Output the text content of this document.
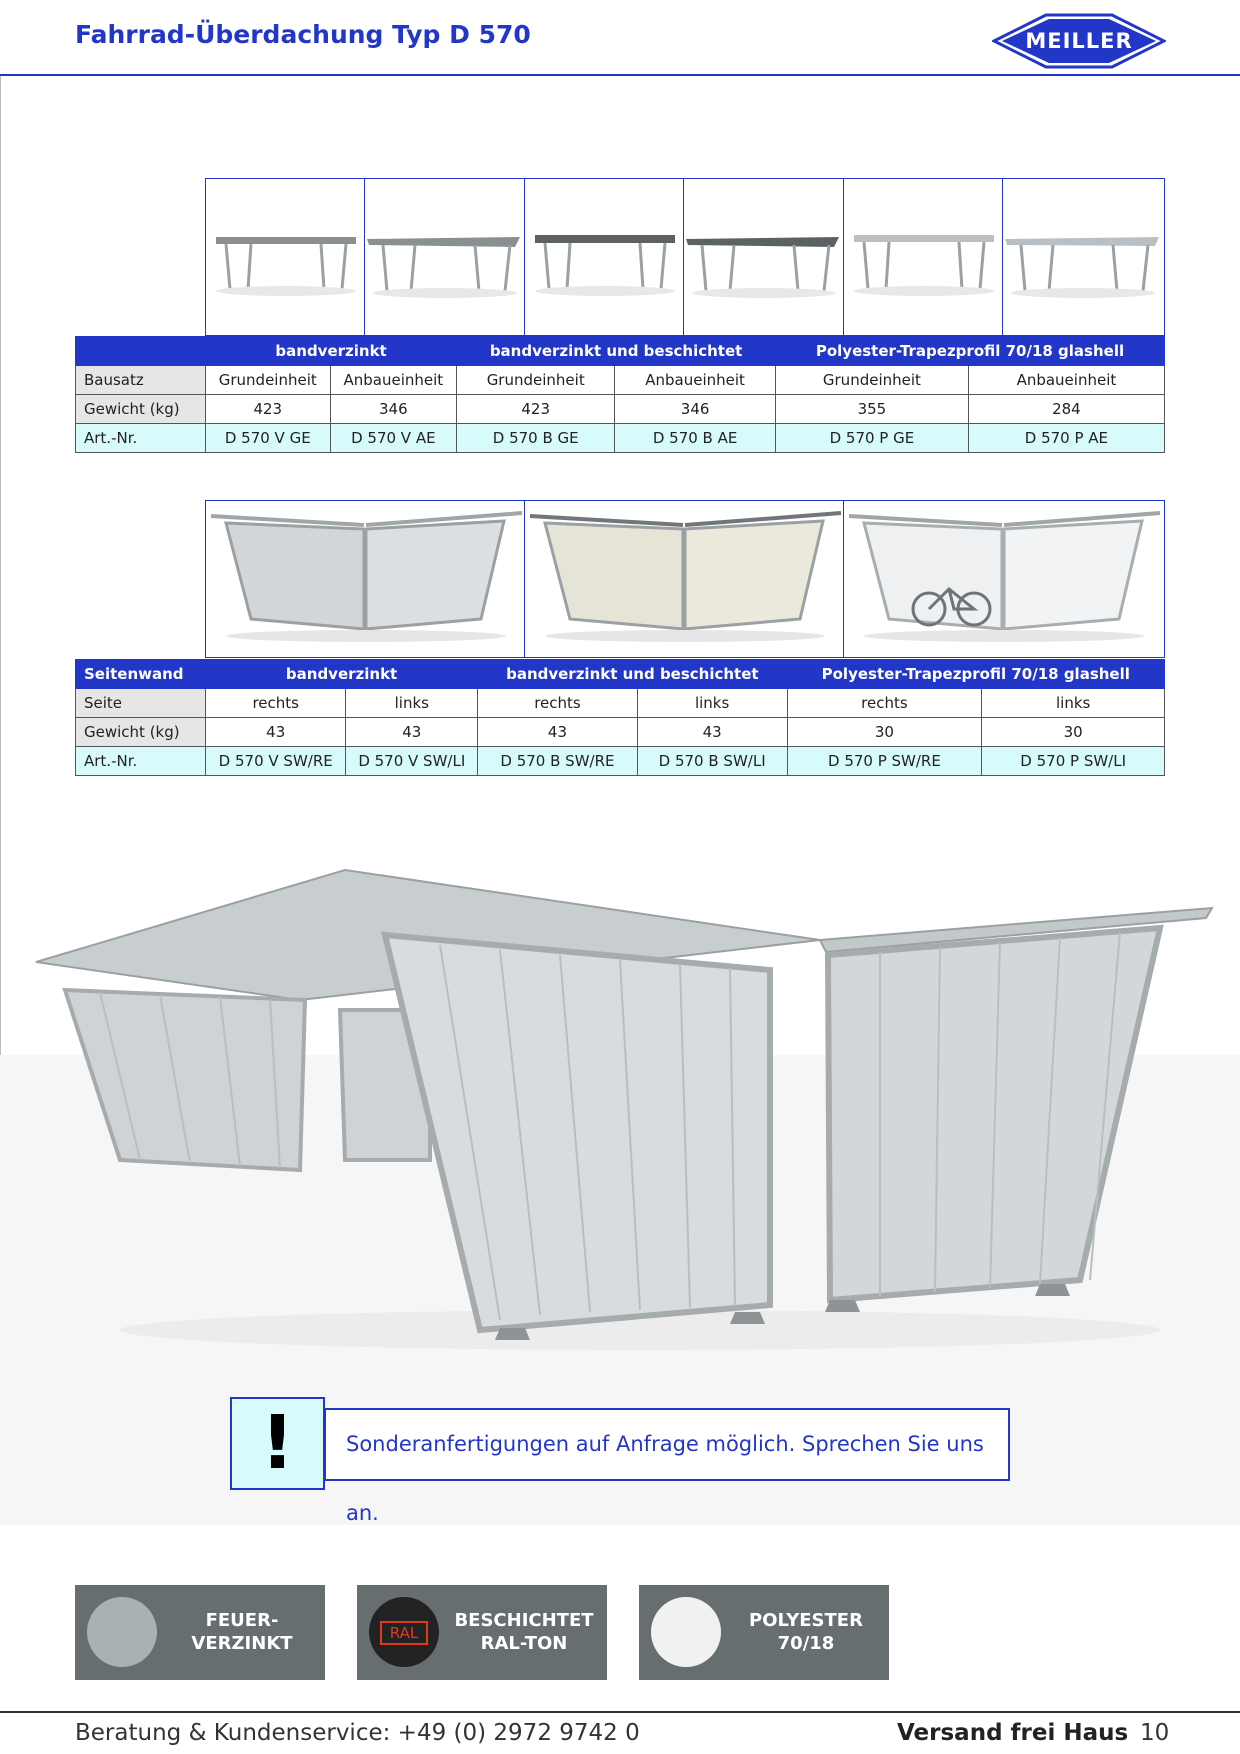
Fahrrad-Überdachung Typ D 570	MEILLER
	bandverzinkt		bandverzinkt und beschichtet		Polyester-Trapezprofil 70/18 glashell	
Bausatz	Grundeinheit	Anbaueinheit	Grundeinheit	Anbaueinheit	Grundeinheit	Anbaueinheit
Gewicht (kg)	423	346	423	346	355	284
Art.-Nr.	D 570 V GE	D 570 V AE	D 570 B GE	D 570 B AE	D 570 P GE	D 570 P AE
Seitenwand	bandverzinkt		bandverzinkt und beschichtet		Polyester-Trapezprofil 70/18 glashell	
Seite	rechts	links	rechts	links	rechts	links
Gewicht (kg)	43	43	43	43	30	30
Art.-Nr.	D 570 V SW/RE	D 570 V SW/LI	D 570 B SW/RE	D 570 B SW/LI	D 570 P SW/RE	D 570 P SW/LI
!	Sonderanfertigungen auf Anfrage möglich. Sprechen Sie uns an.
FEUER-
VERZINKT	RAL
BESCHICHTET
RAL-TON
POLYESTER
70/18
Beratung & Kundenservice: +49 (0) 2972 9742 0	Versand frei Haus 10
